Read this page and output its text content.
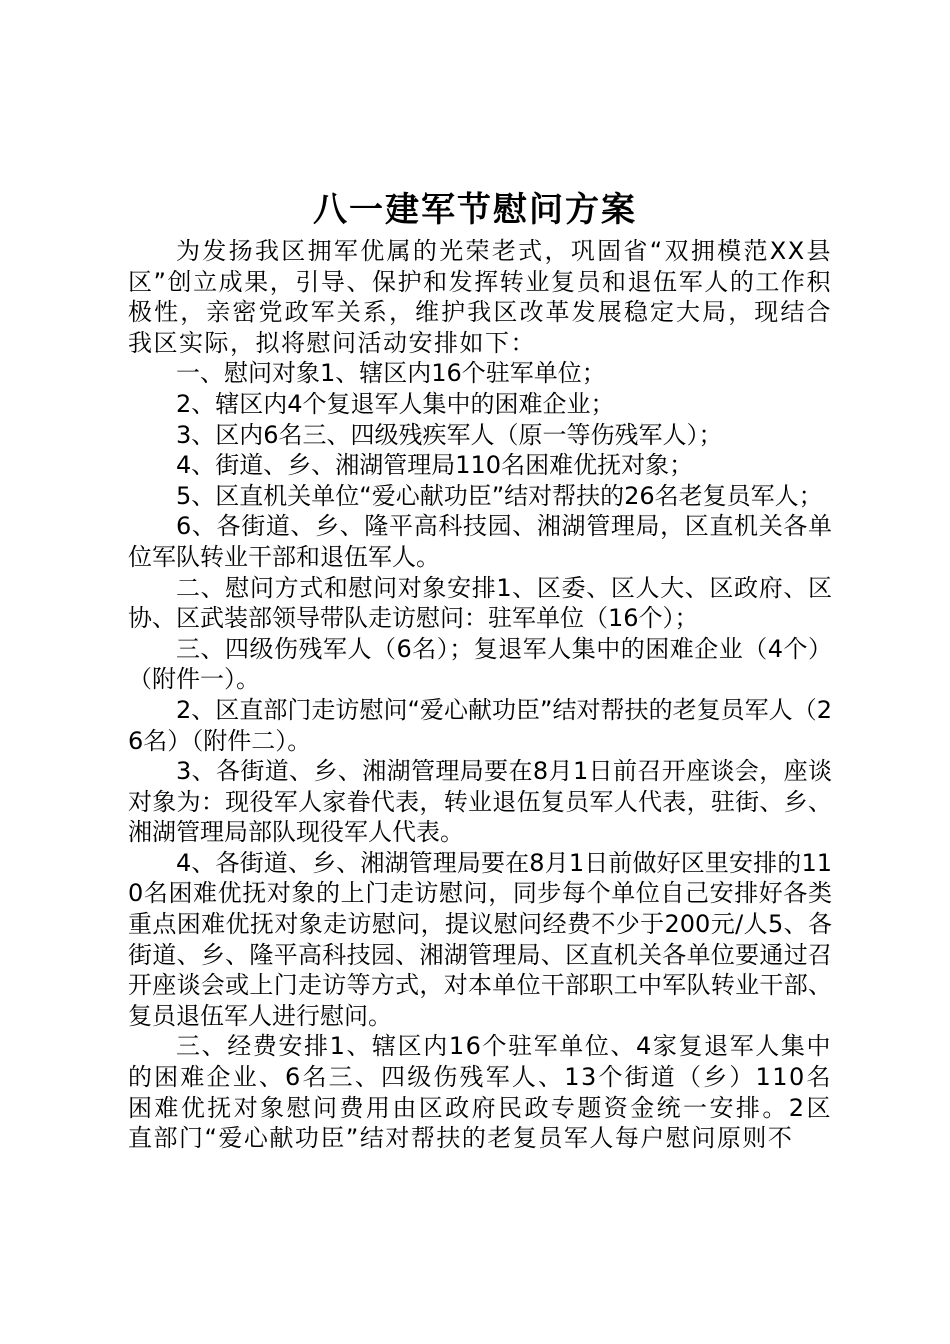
八一建军节慰问方案

为发扬我区拥军优属的光荣老式，巩固省“双拥模范XX县区”创立成果，引导、保护和发挥转业复员和退伍军人的工作积极性，亲密党政军关系，维护我区改革发展稳定大局，现结合我区实际，拟将慰问活动安排如下：

一、慰问对象1、辖区内16个驻军单位；

2、辖区内4个复退军人集中的困难企业；

3、区内6名三、四级残疾军人（原一等伤残军人）；

4、街道、乡、湘湖管理局110名困难优抚对象；

5、区直机关单位“爱心献功臣”结对帮扶的26名老复员军人；

6、各街道、乡、隆平高科技园、湘湖管理局，区直机关各单位军队转业干部和退伍军人。

二、慰问方式和慰问对象安排1、区委、区人大、区政府、区协、区武装部领导带队走访慰问：驻军单位（16个）；

三、四级伤残军人（6名）；复退军人集中的困难企业（4个）（附件一）。

2、区直部门走访慰问“爱心献功臣”结对帮扶的老复员军人（26名）（附件二）。

3、各街道、乡、湘湖管理局要在8月1日前召开座谈会，座谈对象为：现役军人家眷代表，转业退伍复员军人代表，驻街、乡、湘湖管理局部队现役军人代表。

4、各街道、乡、湘湖管理局要在8月1日前做好区里安排的110名困难优抚对象的上门走访慰问，同步每个单位自己安排好各类重点困难优抚对象走访慰问，提议慰问经费不少于200元/人5、各街道、乡、隆平高科技园、湘湖管理局、区直机关各单位要通过召开座谈会或上门走访等方式，对本单位干部职工中军队转业干部、复员退伍军人进行慰问。

三、经费安排1、辖区内16个驻军单位、4家复退军人集中的困难企业、6名三、四级伤残军人、13个街道（乡）110名困难优抚对象慰问费用由区政府民政专题资金统一安排。2区直部门“爱心献功臣”结对帮扶的老复员军人每户慰问原则不
